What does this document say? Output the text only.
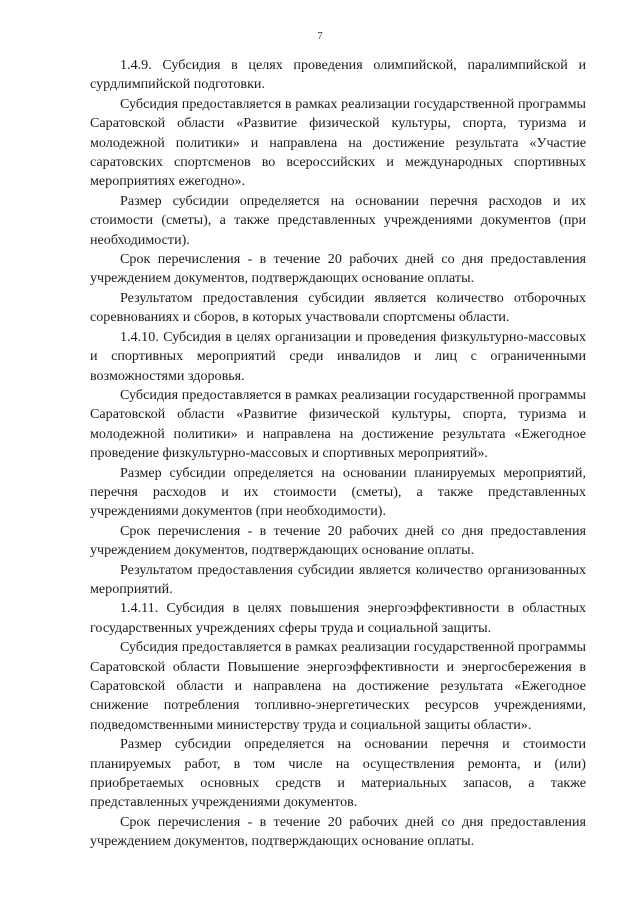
7

1.4.9. Субсидия в целях проведения олимпийской, паралимпийской и сурдлимпийской подготовки.

Субсидия предоставляется в рамках реализации государственной программы Саратовской области «Развитие физической культуры, спорта, туризма и молодежной политики» и направлена на достижение результата «Участие саратовских спортсменов во всероссийских и международных спортивных мероприятиях ежегодно».

Размер субсидии определяется на основании перечня расходов и их стоимости (сметы), а также представленных учреждениями документов (при необходимости).

Срок перечисления - в течение 20 рабочих дней со дня предоставления учреждением документов, подтверждающих основание оплаты.

Результатом предоставления субсидии является количество отборочных соревнованиях и сборов, в которых участвовали спортсмены области.

1.4.10. Субсидия в целях организации и проведения физкультурно-массовых и спортивных мероприятий среди инвалидов и лиц с ограниченными возможностями здоровья.

Субсидия предоставляется в рамках реализации государственной программы Саратовской области «Развитие физической культуры, спорта, туризма и молодежной политики» и направлена на достижение результата «Ежегодное проведение физкультурно-массовых и спортивных мероприятий».

Размер субсидии определяется на основании планируемых мероприятий, перечня расходов и их стоимости (сметы), а также представленных учреждениями документов (при необходимости).

Срок перечисления - в течение 20 рабочих дней со дня предоставления учреждением документов, подтверждающих основание оплаты.

Результатом предоставления субсидии является количество организованных мероприятий.

1.4.11. Субсидия в целях повышения энергоэффективности в областных государственных учреждениях сферы труда и социальной защиты.

Субсидия предоставляется в рамках реализации государственной программы Саратовской области Повышение энергоэффективности и энергосбережения в Саратовской области и направлена на достижение результата «Ежегодное снижение потребления топливно-энергетических ресурсов учреждениями, подведомственными министерству труда и социальной защиты области».

Размер субсидии определяется на основании перечня и стоимости планируемых работ, в том числе на осуществления ремонта, и (или) приобретаемых основных средств и материальных запасов, а также представленных учреждениями документов.

Срок перечисления - в течение 20 рабочих дней со дня предоставления учреждением документов, подтверждающих основание оплаты.
